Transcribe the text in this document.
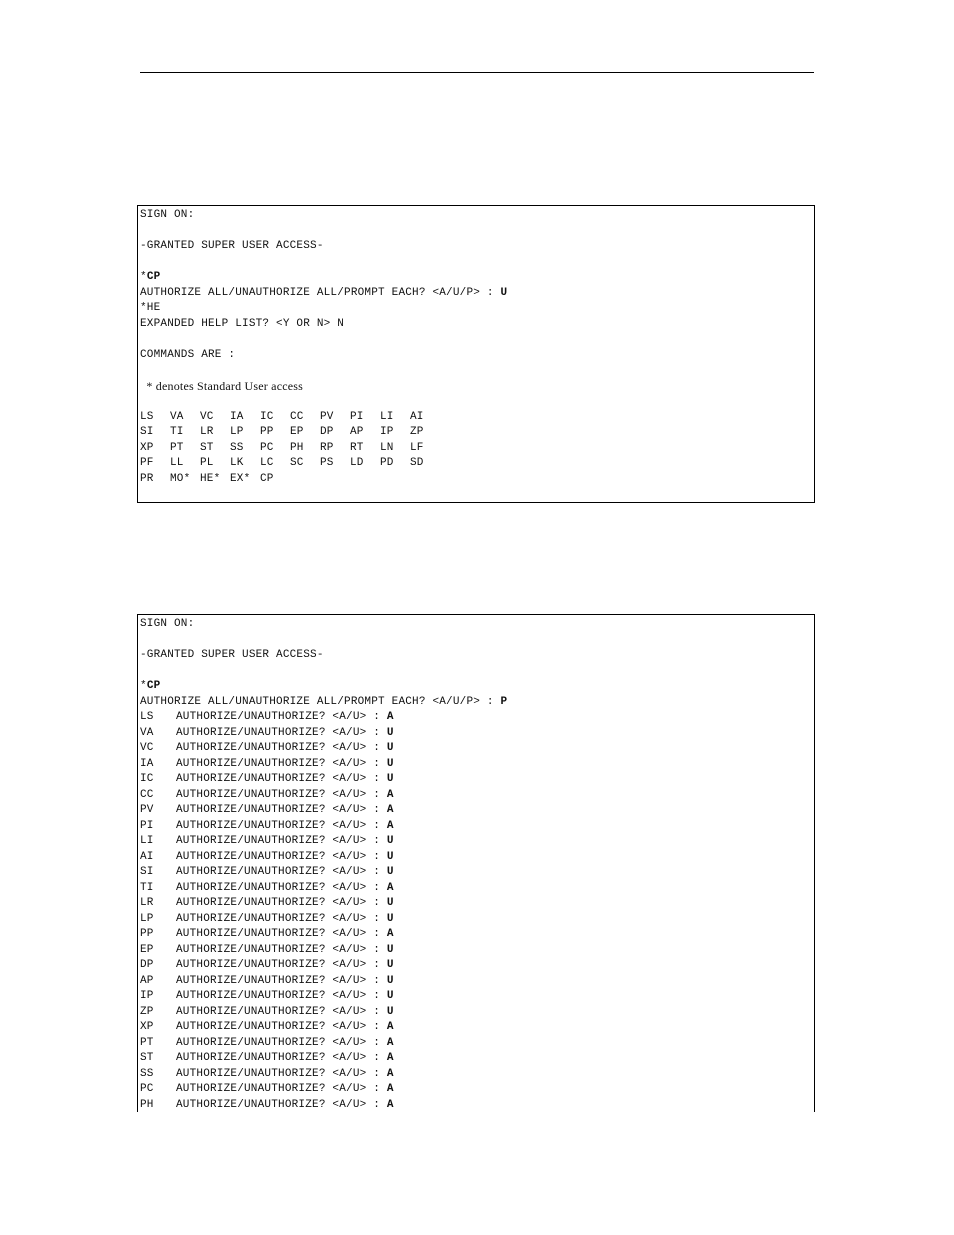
SIGN ON:
-GRANTED SUPER USER ACCESS-
*CP
AUTHORIZE ALL/UNAUTHORIZE ALL/PROMPT EACH? <A/U/P> : U
*HE
EXPANDED HELP LIST? <Y OR N> N
COMMANDS ARE :
* denotes Standard User access
LS VA VC IA IC CC PV PI LI AI
SI TI LR LP PP EP DP AP IP ZP
XP PT ST SS PC PH RP RT LN LF
PF LL PL LK LC SC PS LD PD SD
PR MO* HE* EX* CP
SIGN ON:
-GRANTED SUPER USER ACCESS-
*CP
AUTHORIZE ALL/UNAUTHORIZE ALL/PROMPT EACH? <A/U/P> : P
LS AUTHORIZE/UNAUTHORIZE? <A/U> : A
VA AUTHORIZE/UNAUTHORIZE? <A/U> : U
VC AUTHORIZE/UNAUTHORIZE? <A/U> : U
IA AUTHORIZE/UNAUTHORIZE? <A/U> : U
IC AUTHORIZE/UNAUTHORIZE? <A/U> : U
CC AUTHORIZE/UNAUTHORIZE? <A/U> : A
PV AUTHORIZE/UNAUTHORIZE? <A/U> : A
PI AUTHORIZE/UNAUTHORIZE? <A/U> : A
LI AUTHORIZE/UNAUTHORIZE? <A/U> : U
AI AUTHORIZE/UNAUTHORIZE? <A/U> : U
SI AUTHORIZE/UNAUTHORIZE? <A/U> : U
TI AUTHORIZE/UNAUTHORIZE? <A/U> : A
LR AUTHORIZE/UNAUTHORIZE? <A/U> : U
LP AUTHORIZE/UNAUTHORIZE? <A/U> : U
PP AUTHORIZE/UNAUTHORIZE? <A/U> : A
EP AUTHORIZE/UNAUTHORIZE? <A/U> : U
DP AUTHORIZE/UNAUTHORIZE? <A/U> : U
AP AUTHORIZE/UNAUTHORIZE? <A/U> : U
IP AUTHORIZE/UNAUTHORIZE? <A/U> : U
ZP AUTHORIZE/UNAUTHORIZE? <A/U> : U
XP AUTHORIZE/UNAUTHORIZE? <A/U> : A
PT AUTHORIZE/UNAUTHORIZE? <A/U> : A
ST AUTHORIZE/UNAUTHORIZE? <A/U> : A
SS AUTHORIZE/UNAUTHORIZE? <A/U> : A
PC AUTHORIZE/UNAUTHORIZE? <A/U> : A
PH AUTHORIZE/UNAUTHORIZE? <A/U> : A
